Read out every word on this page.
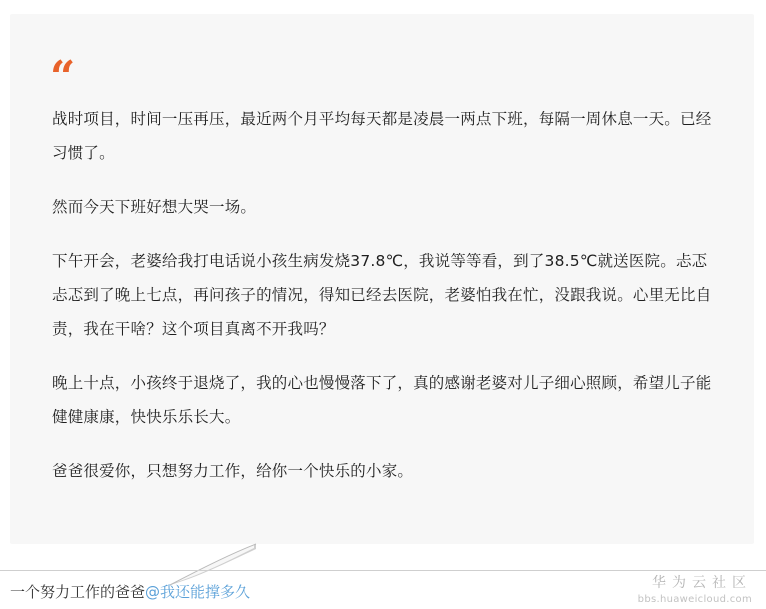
“

战时项目，时间一压再压，最近两个月平均每天都是凌晨一两点下班，每隔一周休息一天。已经习惯了。

然而今天下班好想大哭一场。

下午开会，老婆给我打电话说小孩生病发烧37.8℃，我说等等看，到了38.5℃就送医院。忐忑忐忑到了晚上七点，再问孩子的情况，得知已经去医院，老婆怕我在忙，没跟我说。心里无比自责，我在干啥？这个项目真离不开我吗？

晚上十点，小孩终于退烧了，我的心也慢慢落下了，真的感谢老婆对儿子细心照顾，希望儿子能健健康康，快快乐乐长大。

爸爸很爱你，只想努力工作，给你一个快乐的小家。

一个努力工作的爸爸@我还能撑多久	华为云社区
bbs.huaweicloud.com
